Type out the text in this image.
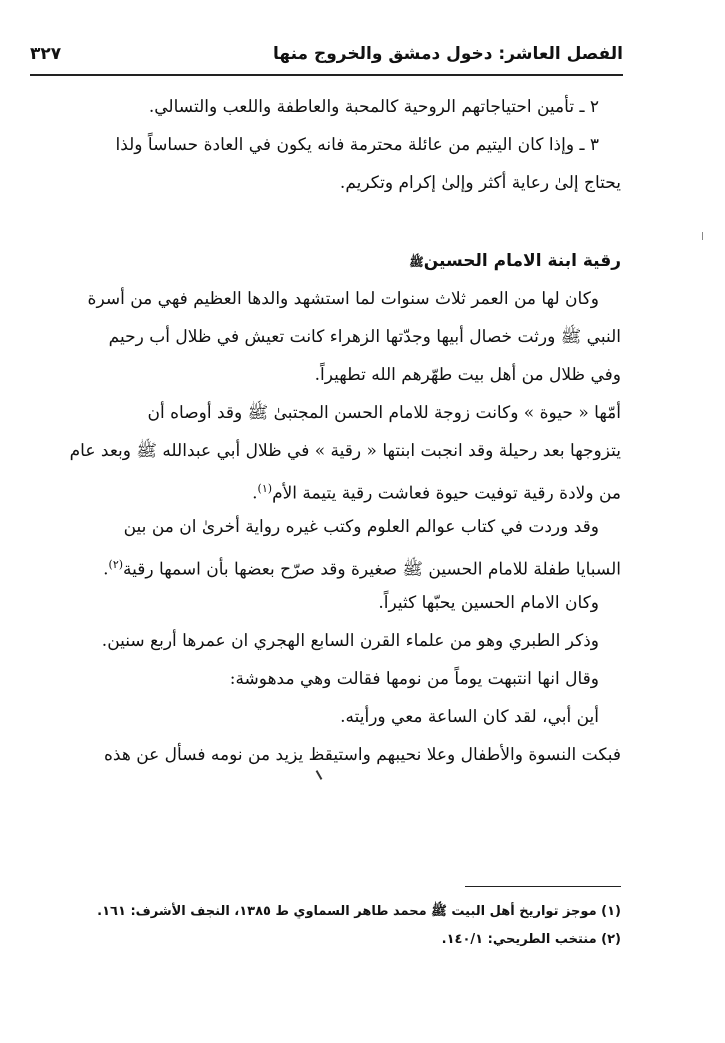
الفصل العاشر: دخول دمشق والخروج منها
٣٢٧
٢ ـ تأمين احتياجاتهم الروحية كالمحبة والعاطفة واللعب والتسالي.
٣ ـ وإذا كان اليتيم من عائلة محترمة فانه يكون في العادة حساساً ولذا
يحتاج إلىٰ رعاية أكثر وإلىٰ إكرام وتكريم.
رقية ابنة الامام الحسينﷺ
وكان لها من العمر ثلاث سنوات لما استشهد والدها العظيم فهي من أسرة
النبي ﷺ ورثت خصال أبيها وجدّتها الزهراء كانت تعيش في ظلال أب رحيم
وفي ظلال من أهل بيت طهّرهم الله تطهيراً.
أمّها « حيوة » وكانت زوجة للامام الحسن المجتبىٰ ﷺ وقد أوصاه أن
يتزوجها بعد رحيلة وقد انجبت ابنتها « رقية » في ظلال أبي عبدالله ﷺ وبعد عام
من ولادة رقية توفيت حيوة فعاشت رقية يتيمة الأم$^{(١)}$.
وقد وردت في كتاب عوالم العلوم وكتب غيره رواية أخرىٰ ان من بين
السبايا طفلة للامام الحسين ﷺ صغيرة وقد صرّح بعضها بأن اسمها رقية$^{(٢)}$.
وكان الامام الحسين يحبّها كثيراً.
وذكر الطبري وهو من علماء القرن السابع الهجري ان عمرها أربع سنين.
وقال انها انتبهت يوماً من نومها فقالت وهي مدهوشة:
أين أبي، لقد كان الساعة معي ورأيته.
فبكت النسوة والأطفال وعلا نحيبهم واستيقظ يزيد من نومه فسأل عن هذه
(١) موجز تواريخ أهل البيت ﷺ محمد طاهر السماوي ط ١٣٨٥، النجف الأشرف: ١٦١.
(٢) منتخب الطريحي: ١٤٠/١.
